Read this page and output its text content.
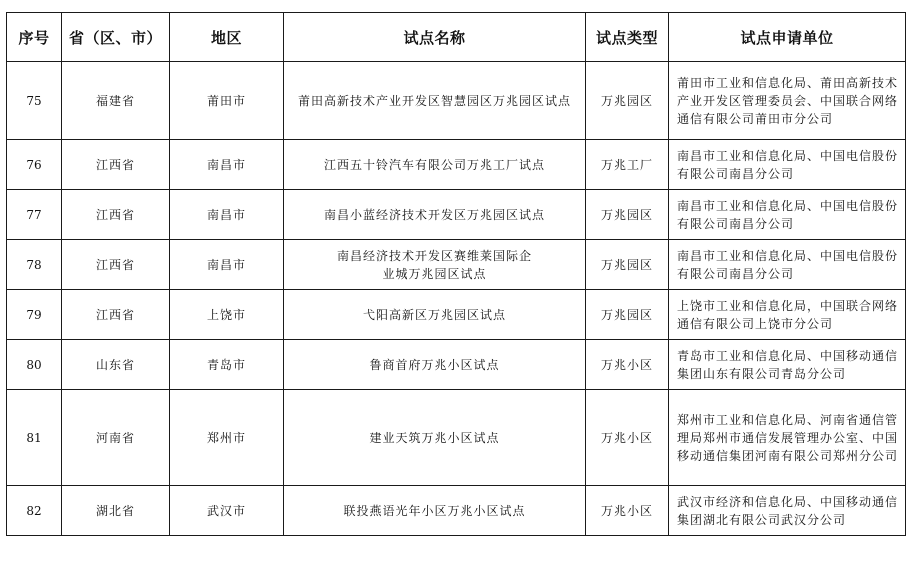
序号	省（区、市）	地区	试点名称	试点类型	试点申请单位
75	福建省	莆田市	莆田高新技术产业开发区智慧园区万兆园区试点	万兆园区	莆田市工业和信息化局、莆田高新技术产业开发区管理委员会、中国联合网络通信有限公司莆田市分公司
76	江西省	南昌市	江西五十铃汽车有限公司万兆工厂试点	万兆工厂	南昌市工业和信息化局、中国电信股份有限公司南昌分公司
77	江西省	南昌市	南昌小蓝经济技术开发区万兆园区试点	万兆园区	南昌市工业和信息化局、中国电信股份有限公司南昌分公司
78	江西省	南昌市	南昌经济技术开发区赛维莱国际企业城万兆园区试点	万兆园区	南昌市工业和信息化局、中国电信股份有限公司南昌分公司
79	江西省	上饶市	弋阳高新区万兆园区试点	万兆园区	上饶市工业和信息化局，中国联合网络通信有限公司上饶市分公司
80	山东省	青岛市	鲁商首府万兆小区试点	万兆小区	青岛市工业和信息化局、中国移动通信集团山东有限公司青岛分公司
81	河南省	郑州市	建业天筑万兆小区试点	万兆小区	郑州市工业和信息化局、河南省通信管理局郑州市通信发展管理办公室、中国移动通信集团河南有限公司郑州分公司
82	湖北省	武汉市	联投燕语光年小区万兆小区试点	万兆小区	武汉市经济和信息化局、中国移动通信集团湖北有限公司武汉分公司
